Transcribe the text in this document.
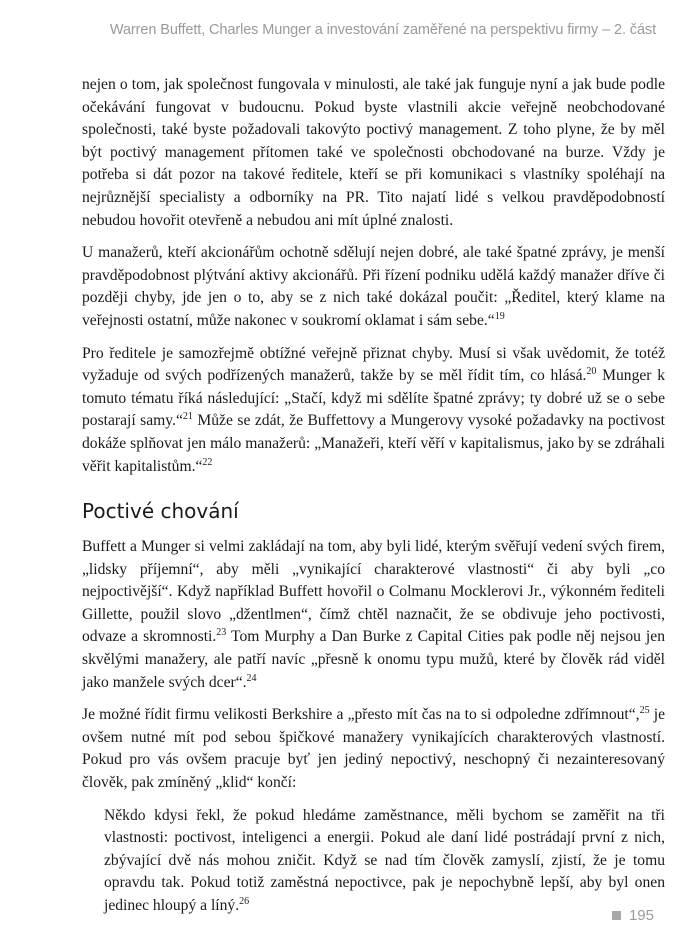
Warren Buffett, Charles Munger a investování zaměřené na perspektivu firmy – 2. část

nejen o tom, jak společnost fungovala v minulosti, ale také jak funguje nyní a jak bude podle očekávání fungovat v budoucnu. Pokud byste vlastnili akcie veřejně neobchodované společnosti, také byste požadovali takovýto poctivý management. Z toho plyne, že by měl být poctivý management přítomen také ve společnosti obchodované na burze. Vždy je potřeba si dát pozor na takové ředitele, kteří se při komunikaci s vlastníky spoléhají na nejrůznější specialisty a odborníky na PR. Tito najatí lidé s velkou pravděpodobností nebudou hovořit otevřeně a nebudou ani mít úplné znalosti.

U manažerů, kteří akcionářům ochotně sdělují nejen dobré, ale také špatné zprávy, je menší pravděpodobnost plýtvání aktivy akcionářů. Při řízení podniku udělá každý manažer dříve či později chyby, jde jen o to, aby se z nich také dokázal poučit: „Ředitel, který klame na veřejnosti ostatní, může nakonec v soukromí oklamat i sám sebe.“$^{19}$

Pro ředitele je samozřejmě obtížné veřejně přiznat chyby. Musí si však uvědomit, že totéž vyžaduje od svých podřízených manažerů, takže by se měl řídit tím, co hlásá.$^{20}$ Munger k tomuto tématu říká následující: „Stačí, když mi sdělíte špatné zprávy; ty dobré už se o sebe postarají samy.“$^{21}$ Může se zdát, že Buffettovy a Mungerovy vysoké požadavky na poctivost dokáže splňovat jen málo manažerů: „Manažeři, kteří věří v kapitalismus, jako by se zdráhali věřit kapitalistům.“$^{22}$

Poctivé chování

Buffett a Munger si velmi zakládají na tom, aby byli lidé, kterým svěřují vedení svých firem, „lidsky příjemní“, aby měli „vynikající charakterové vlastnosti“ či aby byli „co nejpoctivější“. Když například Buffett hovořil o Colmanu Mocklerovi Jr., výkonném řediteli Gillette, použil slovo „džentlmen“, čímž chtěl naznačit, že se obdivuje jeho poctivosti, odvaze a skromnosti.$^{23}$ Tom Murphy a Dan Burke z Capital Cities pak podle něj nejsou jen skvělými manažery, ale patří navíc „přesně k onomu typu mužů, které by člověk rád viděl jako manžele svých dcer“.$^{24}$

Je možné řídit firmu velikosti Berkshire a „přesto mít čas na to si odpoledne zdřímnout“,$^{25}$ je ovšem nutné mít pod sebou špičkové manažery vynikajících charakterových vlastností. Pokud pro vás ovšem pracuje byť jen jediný nepoctivý, neschopný či nezainteresovaný člověk, pak zmíněný „klid“ končí:

Někdo kdysi řekl, že pokud hledáme zaměstnance, měli bychom se zaměřit na tři vlastnosti: poctivost, inteligenci a energii. Pokud ale daní lidé postrádají první z nich, zbývající dvě nás mohou zničit. Když se nad tím člověk zamyslí, zjistí, že je tomu opravdu tak. Pokud totiž zaměstná nepoctivce, pak je nepochybně lepší, aby byl onen jedinec hloupý a líný.$^{26}$
195
